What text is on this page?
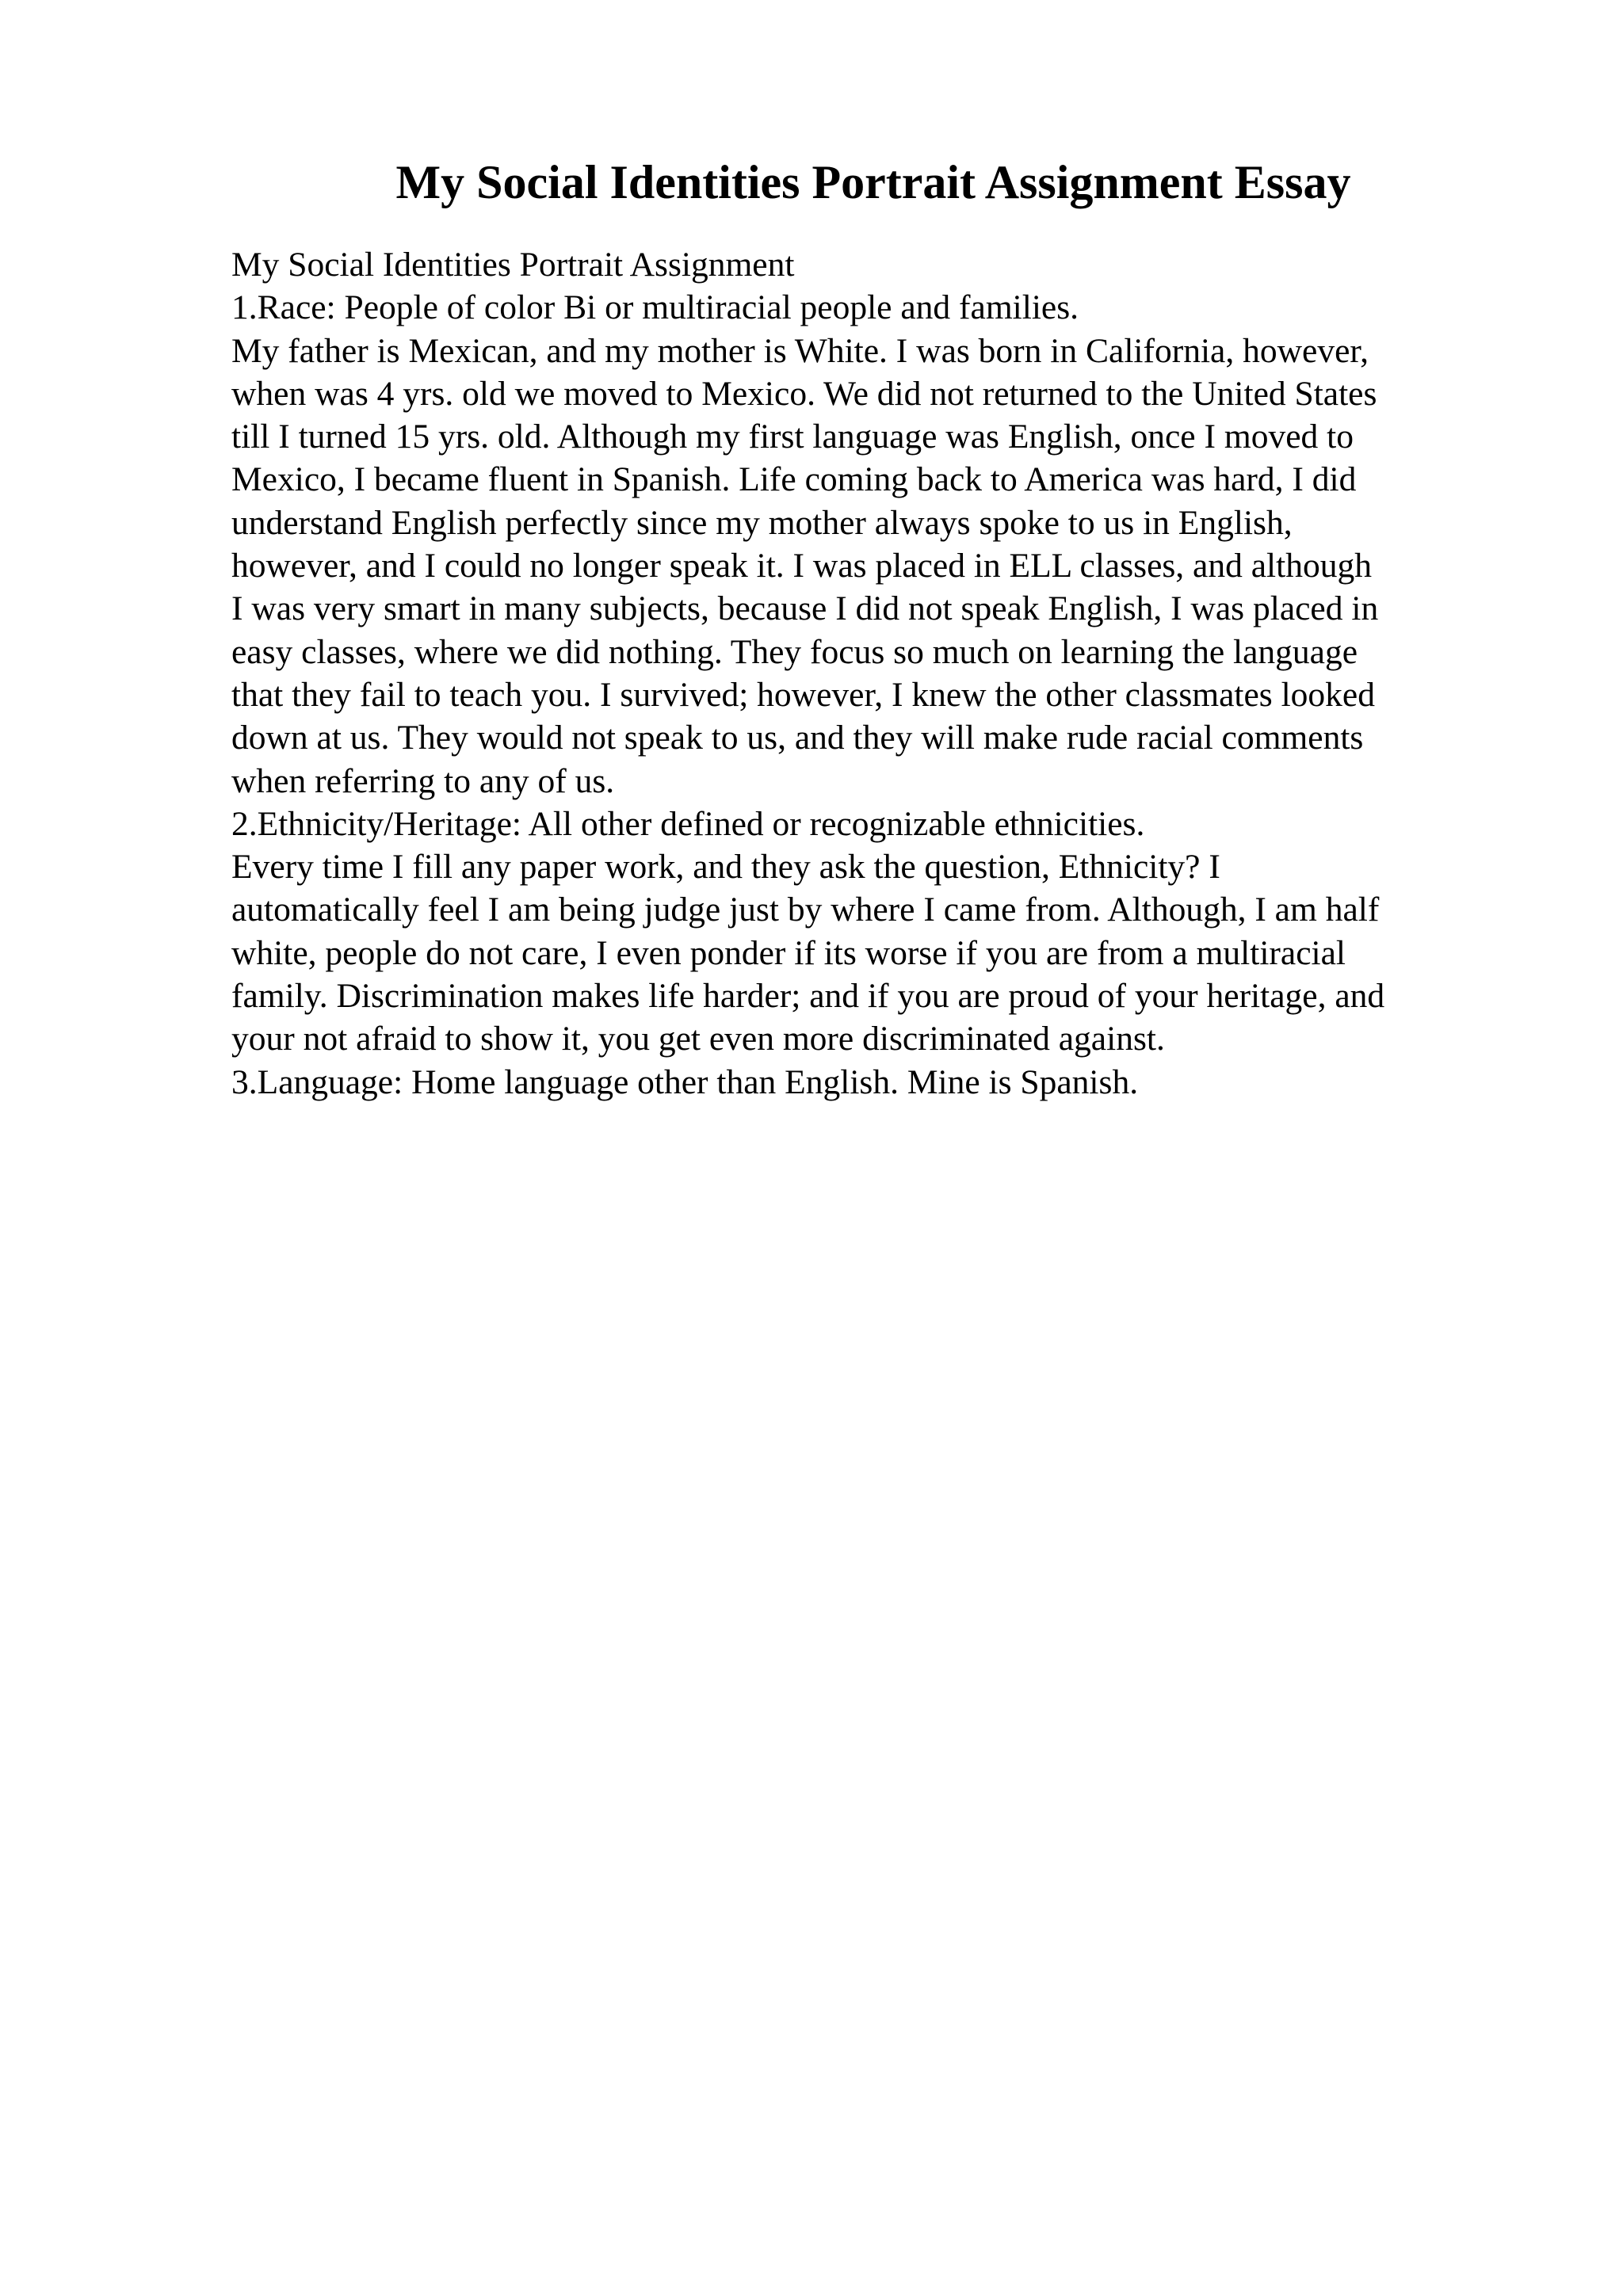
My Social Identities Portrait Assignment Essay
My Social Identities Portrait Assignment
1.Race: People of color Bi or multiracial people and families.
My father is Mexican, and my mother is White. I was born in California, however,
when was 4 yrs. old we moved to Mexico. We did not returned to the United States
till I turned 15 yrs. old. Although my first language was English, once I moved to
Mexico, I became fluent in Spanish. Life coming back to America was hard, I did
understand English perfectly since my mother always spoke to us in English,
however, and I could no longer speak it. I was placed in ELL classes, and although
I was very smart in many subjects, because I did not speak English, I was placed in
easy classes, where we did nothing. They focus so much on learning the language
that they fail to teach you. I survived; however, I knew the other classmates looked
down at us. They would not speak to us, and they will make rude racial comments
when referring to any of us.
2.Ethnicity/Heritage: All other defined or recognizable ethnicities.
Every time I fill any paper work, and they ask the question, Ethnicity? I
automatically feel I am being judge just by where I came from. Although, I am half
white, people do not care, I even ponder if its worse if you are from a multiracial
family. Discrimination makes life harder; and if you are proud of your heritage, and
your not afraid to show it, you get even more discriminated against.
3.Language: Home language other than English. Mine is Spanish.
